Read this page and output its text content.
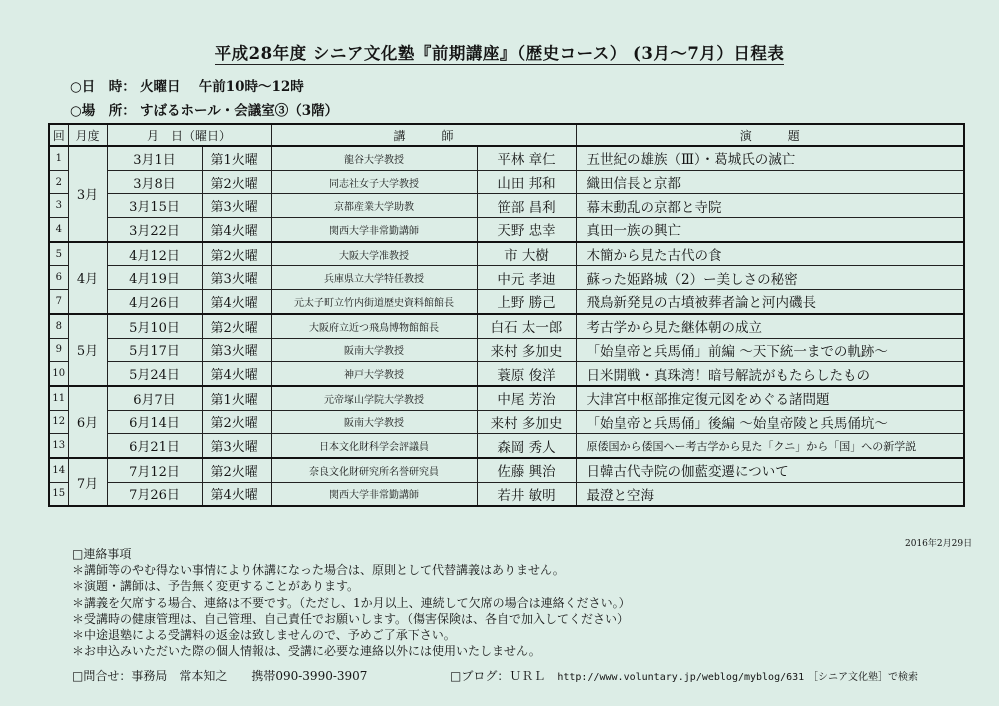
平成28年度 シニア文化塾『前期講座』（歴史コース） (3月～7月）日程表
○日　時： 火曜日　 午前10時～12時
○場　所： すばるホール・会議室③（3階）
回	月度	月　日（曜日）		講　　　師		演　　　題
1	3月	3月1日	第1火曜	龍谷大学教授	平林 章仁	五世紀の雄族（Ⅲ）・葛城氏の滅亡
2		3月8日	第2火曜	同志社女子大学教授	山田 邦和	織田信長と京都
3		3月15日	第3火曜	京都産業大学助教	笹部 昌利	幕末動乱の京都と寺院
4		3月22日	第4火曜	関西大学非常勤講師	天野 忠幸	真田一族の興亡
5	4月	4月12日	第2火曜	大阪大学准教授	市 大樹	木簡から見た古代の食
6		4月19日	第3火曜	兵庫県立大学特任教授	中元 孝迪	蘇った姫路城（2）ー美しさの秘密
7		4月26日	第4火曜	元太子町立竹内街道歴史資料館館長	上野 勝己	飛鳥新発見の古墳被葬者論と河内磯長
8	5月	5月10日	第2火曜	大阪府立近つ飛鳥博物館館長	白石 太一郎	考古学から見た継体朝の成立
9		5月17日	第3火曜	阪南大学教授	来村 多加史	「始皇帝と兵馬俑」前編 ～天下統一までの軌跡～
10		5月24日	第4火曜	神戸大学教授	蓑原 俊洋	日米開戦・真珠湾！暗号解読がもたらしたもの
11	6月	6月7日	第1火曜	元帝塚山学院大学教授	中尾 芳治	大津宮中枢部推定復元図をめぐる諸問題
12		6月14日	第2火曜	阪南大学教授	来村 多加史	「始皇帝と兵馬俑」後編 ～始皇帝陵と兵馬俑坑～
13		6月21日	第3火曜	日本文化財科学会評議員	森岡 秀人	原倭国から倭国へー考古学から見た「クニ」から「国」への新学説
14	7月	7月12日	第2火曜	奈良文化財研究所名誉研究員	佐藤 興治	日韓古代寺院の伽藍変遷について
15		7月26日	第4火曜	関西大学非常勤講師	若井 敏明	最澄と空海
2016年2月29日
□連絡事項
＊講師等のやむ得ない事情により休講になった場合は、原則として代替講義はありません。
＊演題・講師は、予告無く変更することがあります。
＊講義を欠席する場合、連絡は不要です。（ただし、1か月以上、連続して欠席の場合は連絡ください。）
＊受講時の健康管理は、自己管理、自己責任でお願いします。（傷害保険は、各自で加入してください）
＊中途退塾による受講料の返金は致しませんので、予めご了承下さい。
＊お申込みいただいた際の個人情報は、受講に必要な連絡以外には使用いたしません。
□問合せ：事務局　常本知之　　携帯090-3990-3907	□ブログ：ＵＲＬ　http://www.voluntary.jp/weblog/myblog/631 ［シニア文化塾］で検索
